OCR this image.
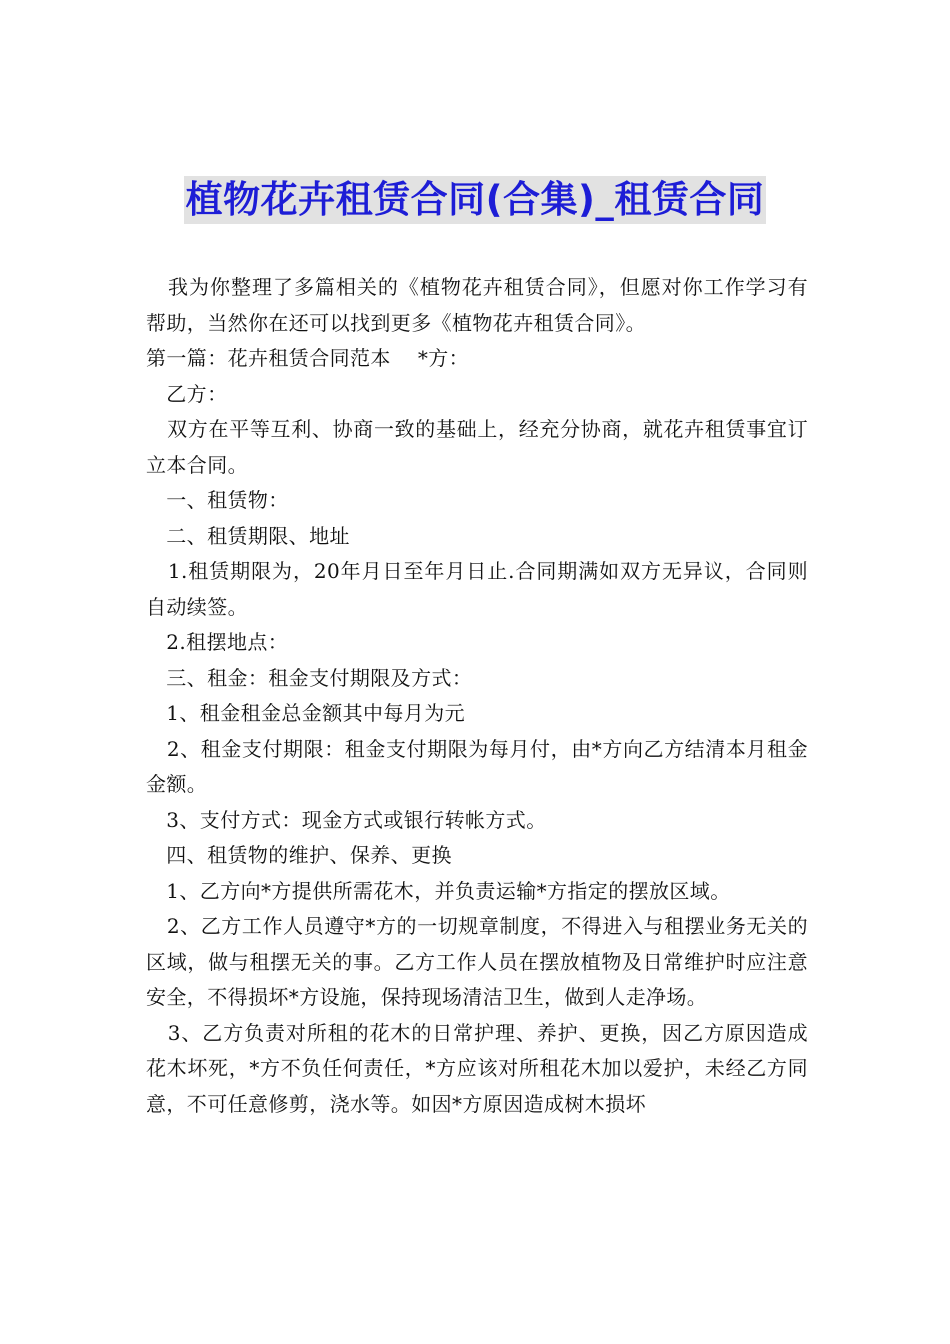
植物花卉租赁合同(合集)_租赁合同

我为你整理了多篇相关的《植物花卉租赁合同》，但愿对你工作学习有帮助，当然你在还可以找到更多《植物花卉租赁合同》。

第一篇：花卉租赁合同范本    *方：

乙方：

双方在平等互利、协商一致的基础上，经充分协商，就花卉租赁事宜订立本合同。

一、租赁物：

二、租赁期限、地址

1.租赁期限为，20年月日至年月日止.合同期满如双方无异议，合同则自动续签。

2.租摆地点：

三、租金：租金支付期限及方式：

1、租金租金总金额其中每月为元

2、租金支付期限：租金支付期限为每月付，由*方向乙方结清本月租金金额。

3、支付方式：现金方式或银行转帐方式。

四、租赁物的维护、保养、更换

1、乙方向*方提供所需花木，并负责运输*方指定的摆放区域。

2、乙方工作人员遵守*方的一切规章制度，不得进入与租摆业务无关的区域，做与租摆无关的事。乙方工作人员在摆放植物及日常维护时应注意安全，不得损坏*方设施，保持现场清洁卫生，做到人走净场。

3、乙方负责对所租的花木的日常护理、养护、更换，因乙方原因造成花木坏死，*方不负任何责任，*方应该对所租花木加以爱护，未经乙方同意，不可任意修剪，浇水等。如因*方原因造成树木损坏
